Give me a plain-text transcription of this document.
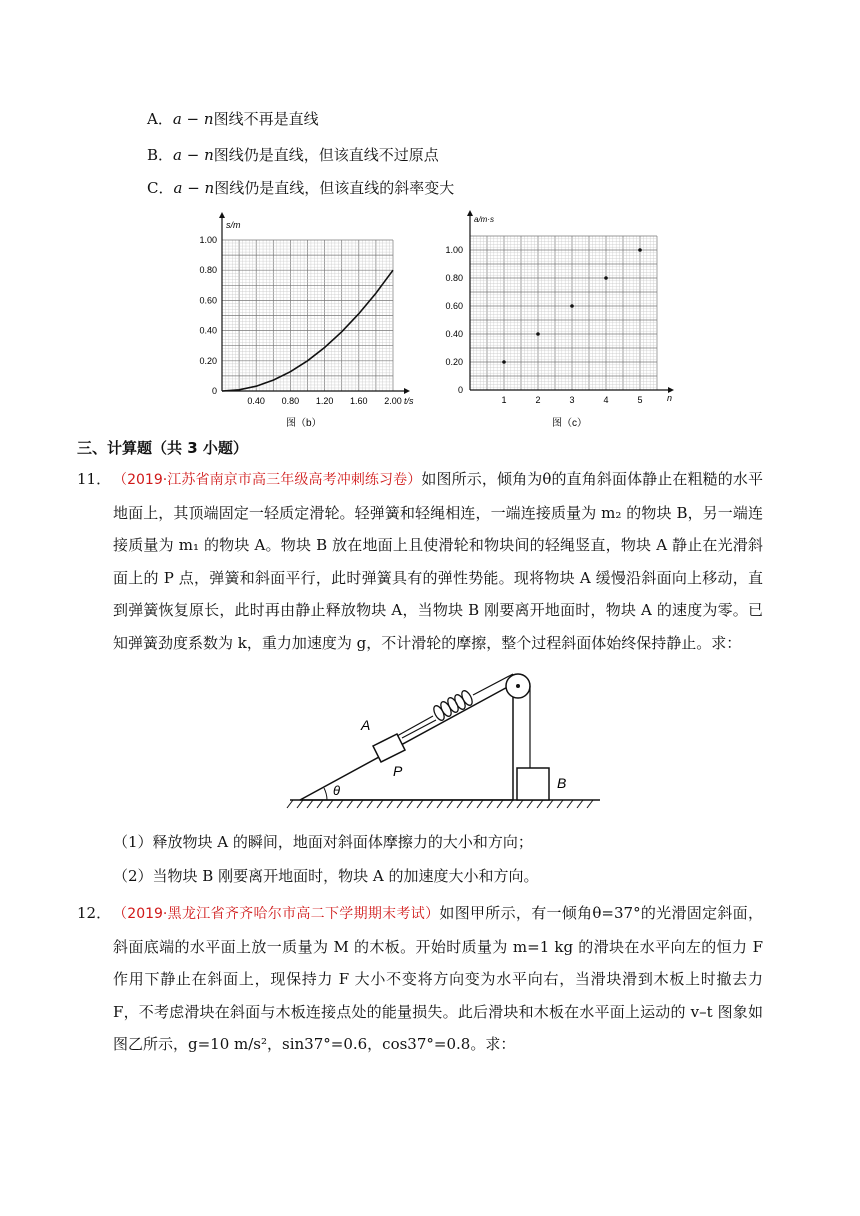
A．a − n图线不再是直线
B．a − n图线仍是直线，但该直线不过原点
C．a − n图线仍是直线，但该直线的斜率变大
0
0.20
0.40
0.60
0.80
1.00
0.40 0.80 1.20 1.60 2.00
s/m
t/s
图（b）
0
0.20
0.40
0.60
0.80
1.00
1	2	3	4	5
a/m·s
n
图（c）
三、计算题（共 3 小题）
11． （2019·江苏省南京市高三年级高考冲刺练习卷）如图所示，倾角为θ的直角斜面体静止在粗糙的水平地面上，其顶端固定一轻质定滑轮。轻弹簧和轻绳相连，一端连接质量为 m₂ 的物块 B，另一端连接质量为 m₁ 的物块 A。物块 B 放在地面上且使滑轮和物块间的轻绳竖直，物块 A 静止在光滑斜面上的 P 点，弹簧和斜面平行，此时弹簧具有的弹性势能。现将物块 A 缓慢沿斜面向上移动，直到弹簧恢复原长，此时再由静止释放物块 A，当物块 B 刚要离开地面时，物块 A 的速度为零。已知弹簧劲度系数为 k，重力加速度为 g，不计滑轮的摩擦，整个过程斜面体始终保持静止。求：
A
P
B
θ
（1）释放物块 A 的瞬间，地面对斜面体摩擦力的大小和方向；
（2）当物块 B 刚要离开地面时，物块 A 的加速度大小和方向。
12． （2019·黑龙江省齐齐哈尔市高二下学期期末考试）如图甲所示，有一倾角θ=37°的光滑固定斜面，斜面底端的水平面上放一质量为 M 的木板。开始时质量为 m=1 kg 的滑块在水平向左的恒力 F 作用下静止在斜面上，现保持力 F 大小不变将方向变为水平向右，当滑块滑到木板上时撤去力 F，不考虑滑块在斜面与木板连接点处的能量损失。此后滑块和木板在水平面上运动的 v–t 图象如图乙所示，g=10 m/s²，sin37°=0.6，cos37°=0.8。求：
